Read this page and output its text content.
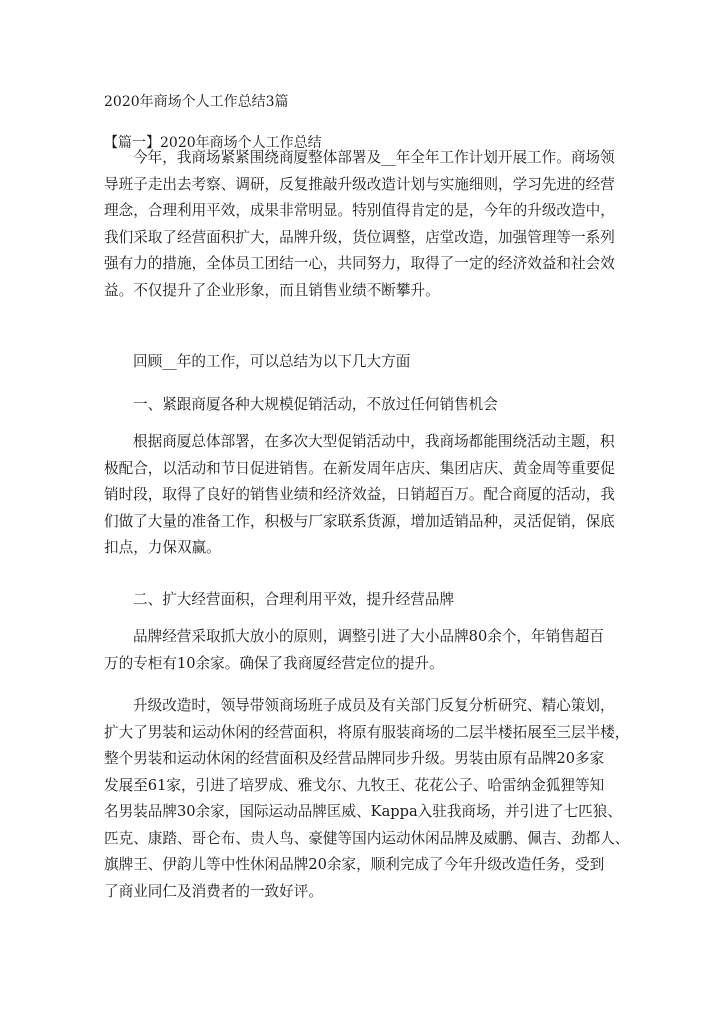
2020年商场个人工作总结3篇
【篇一】2020年商场个人工作总结

今年，我商场紧紧围绕商厦整体部署及__年全年工作计划开展工作。商场领
导班子走出去考察、调研，反复推敲升级改造计划与实施细则，学习先进的经营
理念，合理利用平效，成果非常明显。特别值得肯定的是，今年的升级改造中，
我们采取了经营面积扩大，品牌升级，货位调整，店堂改造，加强管理等一系列
强有力的措施，全体员工团结一心，共同努力，取得了一定的经济效益和社会效
益。不仅提升了企业形象，而且销售业绩不断攀升。

回顾__年的工作，可以总结为以下几大方面
一、紧跟商厦各种大规模促销活动，不放过任何销售机会

根据商厦总体部署，在多次大型促销活动中，我商场都能围绕活动主题，积
极配合，以活动和节日促进销售。在新发周年店庆、集团店庆、黄金周等重要促
销时段，取得了良好的销售业绩和经济效益，日销超百万。配合商厦的活动，我
们做了大量的准备工作，积极与厂家联系货源，增加适销品种，灵活促销，保底
扣点，力保双赢。

二、扩大经营面积，合理利用平效，提升经营品牌

品牌经营采取抓大放小的原则，调整引进了大小品牌80余个，年销售超百
万的专柜有10余家。确保了我商厦经营定位的提升。

升级改造时，领导带领商场班子成员及有关部门反复分析研究、精心策划，
扩大了男装和运动休闲的经营面积，将原有服装商场的二层半楼拓展至三层半楼，
整个男装和运动休闲的经营面积及经营品牌同步升级。男装由原有品牌20多家
发展至61家，引进了培罗成、雅戈尔、九牧王、花花公子、哈雷纳金狐狸等知
名男装品牌30余家，国际运动品牌匡威、Kappa入驻我商场，并引进了七匹狼、
匹克、康踏、哥仑布、贵人鸟、豪健等国内运动休闲品牌及威鹏、佩吉、劲都人、
旗牌王、伊韵儿等中性休闲品牌20余家，顺利完成了今年升级改造任务，受到
了商业同仁及消费者的一致好评。
